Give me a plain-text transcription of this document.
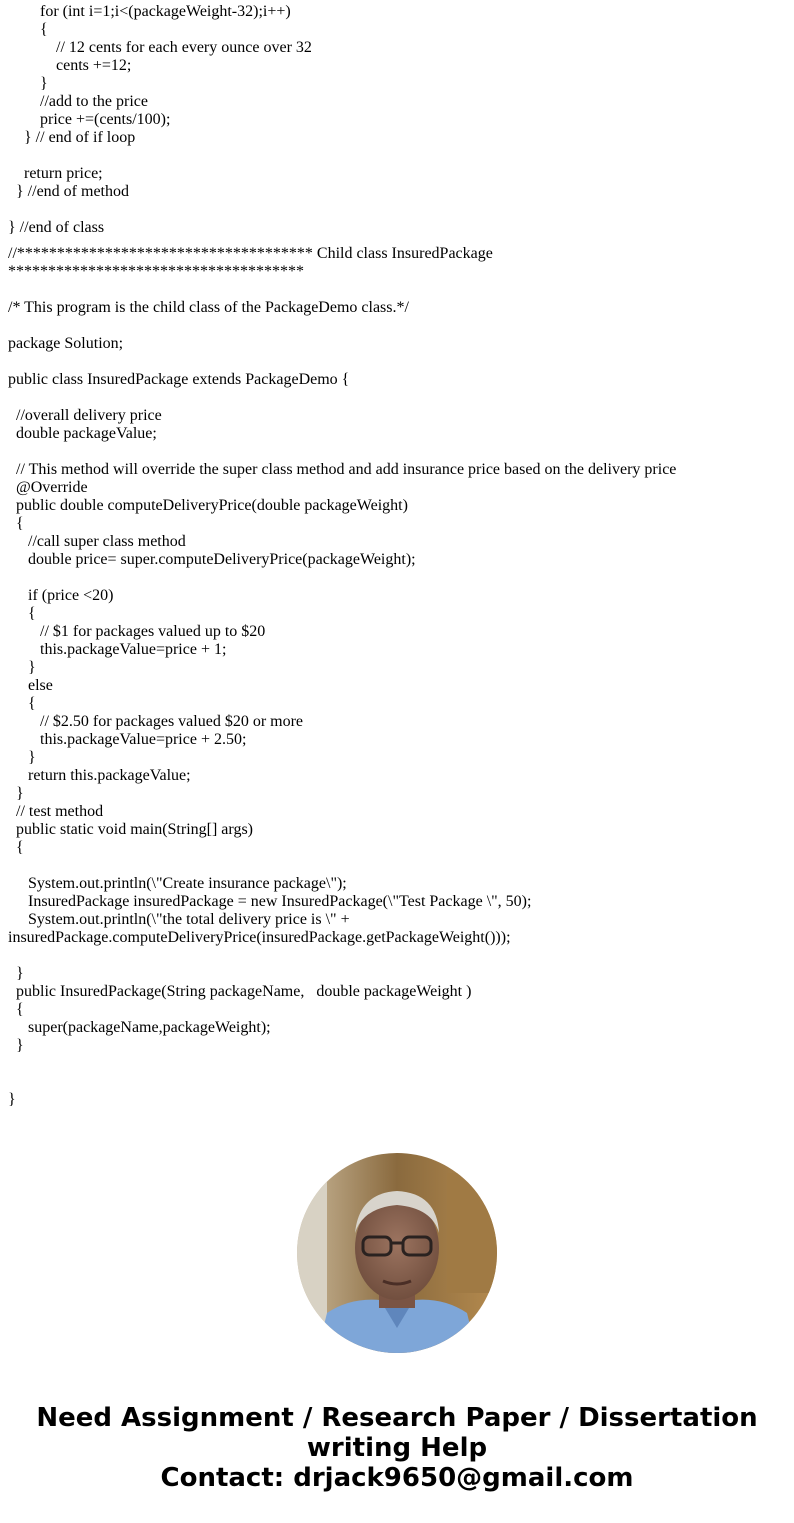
for (int i=1;i<(packageWeight-32);i++)
{
// 12 cents for each every ounce over 32
cents +=12;
}
//add to the price
price +=(cents/100);
} // end of if loop
return price;
} //end of method
} //end of class
//************************************* Child class InsuredPackage *************************************
/* This program is the child class of the PackageDemo class.*/
package Solution;
public class InsuredPackage extends PackageDemo {
//overall delivery price
double packageValue;
// This method will override the super class method and add insurance price based on the delivery price
@Override
public double computeDeliveryPrice(double packageWeight)
{
//call super class method
double price= super.computeDeliveryPrice(packageWeight);
if (price <20)
{
// $1 for packages valued up to $20
this.packageValue=price + 1;
}
else
{
// $2.50 for packages valued $20 or more
this.packageValue=price + 2.50;
}
return this.packageValue;
}
// test method
public static void main(String[] args)
{
System.out.println(\"Create insurance package\");
InsuredPackage insuredPackage = new InsuredPackage(\"Test Package \", 50);
System.out.println(\"the total delivery price is \" +
insuredPackage.computeDeliveryPrice(insuredPackage.getPackageWeight()));
}
public InsuredPackage(String packageName,   double packageWeight )
{
super(packageName,packageWeight);
}
}
Need Assignment / Research Paper / Dissertation
writing Help
Contact: drjack9650@gmail.com
